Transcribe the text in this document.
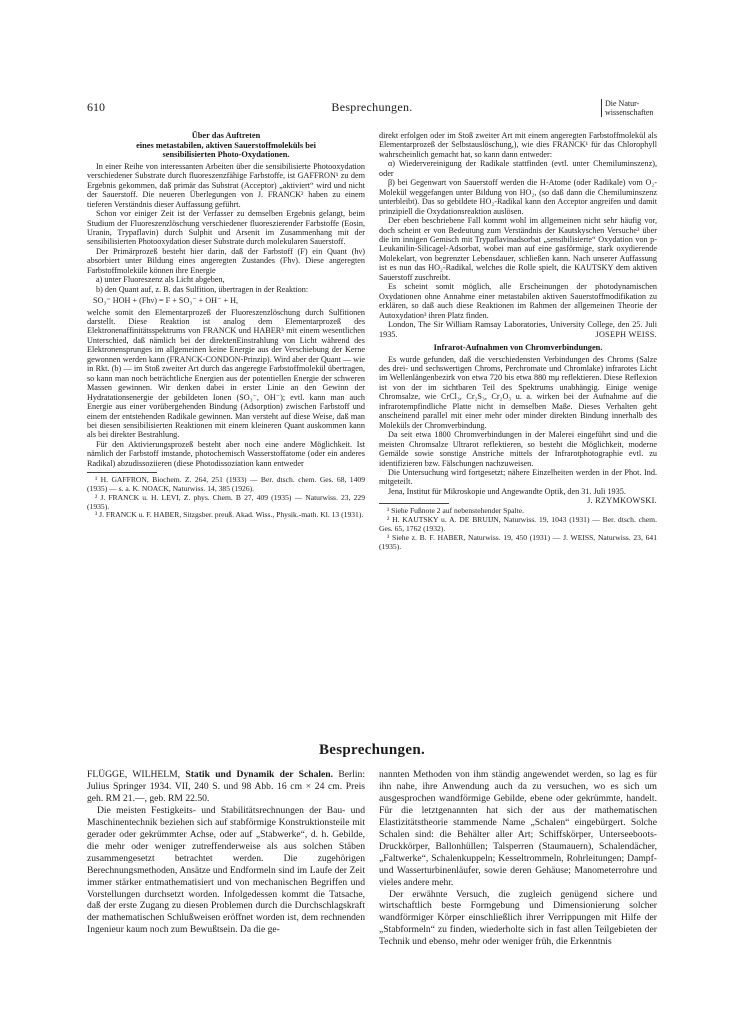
610	Besprechungen.	Die Natur-
wissenschaften

Über das Auftreten

eines metastabilen, aktiven Sauerstoffmoleküls bei

sensibilisierten Photo-Oxydationen.

In einer Reihe von interessanten Arbeiten über die sensibilisierte Photooxydation verschiedener Substrate durch fluoreszenzfähige Farbstoffe, ist GAFFRON¹ zu dem Ergebnis gekommen, daß primär das Substrat (Acceptor) „aktiviert“ wird und nicht der Sauerstoff. Die neueren Überlegungen von J. FRANCK² haben zu einem tieferen Verständnis dieser Auffassung geführt.

Schon vor einiger Zeit ist der Verfasser zu demselben Ergebnis gelangt, beim Studium der Fluoreszenzlöschung verschiedener fluoreszierender Farbstoffe (Eosin, Uranin, Trypaflavin) durch Sulphit und Arsenit im Zusammenhang mit der sensibilisierten Photooxydation dieser Substrate durch molekularen Sauerstoff.

Der Primärprozeß besteht hier darin, daß der Farbstoff (F) ein Quant (hν) absorbiert unter Bildung eines angeregten Zustandes (Fhν). Diese angeregten Farbstoffmoleküle können ihre Energie

a) unter Fluoreszenz als Licht abgeben,

b) den Quant auf, z. B. das Sulfition, übertragen in der Reaktion:

SO₃⁼ HOH + (Fhν) = F + SO₃⁻ + OH⁻ + H,

welche somit den Elementarprozeß der Fluoreszenzlöschung durch Sulfitionen darstellt. Diese Reaktion ist analog dem Elementarprozeß des Elektronenaffinitätsspektrums von FRANCK und HABER³ mit einem wesentlichen Unterschied, daß nämlich bei der direktenEinstrahlung von Licht während des Elektronensprunges im allgemeinen keine Energie aus der Verschiebung der Kerne gewonnen werden kann (FRANCK-CONDON-Prinzip). Wird aber der Quant — wie in Rkt. (b) — im Stoß zweiter Art durch das angeregte Farbstoffmolekül übertragen, so kann man noch beträchtliche Energien aus der potentiellen Energie der schweren Massen gewinnen. Wir denken dabei in erster Linie an den Gewinn der Hydratationsenergie der gebildeten Ionen (SO₃⁻, OH⁻); evtl. kann man auch Energie aus einer vorübergehenden Bindung (Adsorption) zwischen Farbstoff und einem der entstehenden Radikale gewinnen. Man versteht auf diese Weise, daß man bei diesen sensibilisierten Reaktionen mit einem kleineren Quant auskommen kann als bei direkter Bestrahlung.

Für den Aktivierungsprozeß besteht aber noch eine andere Möglichkeit. Ist nämlich der Farbstoff imstande, photochemisch Wasserstoffatome (oder ein anderes Radikal) abzudissoziieren (diese Photodissoziation kann entweder

¹ H. GAFFRON, Biochem. Z. 264, 251 (1933) — Ber. dtsch. chem. Ges. 68, 1409 (1935) — s. a. K. NOACK, Naturwiss. 14, 385 (1926).

² J. FRANCK u. H. LEVI, Z. phys. Chem. B 27, 409 (1935) — Naturwiss. 23, 229 (1935).

³ J. FRANCK u. F. HABER, Sitzgsber. preuß. Akad. Wiss., Physik.-math. Kl. 13 (1931).

direkt erfolgen oder im Stoß zweiter Art mit einem angeregten Farbstoffmolekül als Elementarprozeß der Selbstauslöschung,), wie dies FRANCK¹ für das Chlorophyll wahrscheinlich gemacht hat, so kann dann entweder:

α) Wiedervereinigung der Radikale stattfinden (evtl. unter Chemiluminszenz), oder

β) bei Gegenwart von Sauerstoff werden die H-Atome (oder Radikale) vom O₂-Molekül weggefangen unter Bildung von HO₂, (so daß dann die Chemiluminszenz unterbleibt). Das so gebildete HO₂-Radikal kann den Acceptor angreifen und damit prinzipiell die Oxydationsreaktion auslösen.

Der eben beschriebene Fall kommt wohl im allgemeinen nicht sehr häufig vor, doch scheint er von Bedeutung zum Verständnis der Kautskyschen Versuche² über die im innigen Gemisch mit Trypaflavinadsorbat „sensibilisierte“ Oxydation von p-Leukanilin-Silicagel-Adsorbat, wobei man auf eine gasförmige, stark oxydierende Molekelart, von begrenzter Lebensdauer, schließen kann. Nach unserer Auffassung ist es nun das HO₂-Radikal, welches die Rolle spielt, die KAUTSKY dem aktiven Sauerstoff zuschreibt.

Es scheint somit möglich, alle Erscheinungen der photodynamischen Oxydationen ohne Annahme einer metastabilen aktiven Sauerstoffmodifikation zu erklären, so daß auch diese Reaktionen im Rahmen der allgemeinen Theorie der Autoxydation³ ihren Platz finden.

London, The Sir William Ramsay Laboratories, University College, den 25. Juli 1935.	JOSEPH WEISS.

Infrarot-Aufnahmen von Chromverbindungen.

Es wurde gefunden, daß die verschiedensten Verbindungen des Chroms (Salze des drei- und sechswertigen Chroms, Perchromate und Chromlake) infrarotes Licht im Wellenlängenbezirk von etwa 720 bis etwa 880 mμ reflektieren. Diese Reflexion ist von der im sichtbaren Teil des Spektrums unabhängig. Einige wenige Chromsalze, wie CrCl₃, Cr₂S₃, Cr₂O₃ u. a. wirken bei der Aufnahme auf die infrarotempfindliche Platte nicht in demselben Maße. Dieses Verhalten geht anscheinend parallel mit einer mehr oder minder direkten Bindung innerhalb des Moleküls der Chromverbindung.

Da seit etwa 1800 Chromverbindungen in der Malerei eingeführt sind und die meisten Chromsalze Ultrarot reflektieren, so besteht die Möglichkeit, moderne Gemälde sowie sonstige Anstriche mittels der Infrarotphotographie evtl. zu identifizieren bzw. Fälschungen nachzuweisen.

Die Untersuchung wird fortgesetzt; nähere Einzelheiten werden in der Phot. Ind. mitgeteilt.

Jena, Institut für Mikroskopie und Angewandte Optik, den 31. Juli 1935.
J. RZYMKOWSKI.

¹ Siehe Fußnote 2 auf nebenstehender Spalte.

² H. KAUTSKY u. A. DE BRUIJN, Naturwiss. 19, 1043 (1931) — Ber. dtsch. chem. Ges. 65, 1762 (1932).

³ Siehe z. B. F. HABER, Naturwiss. 19, 450 (1931) — J. WEISS, Naturwiss. 23, 641 (1935).

Besprechungen.

FLÜGGE, WILHELM, Statik und Dynamik der Schalen. Berlin: Julius Springer 1934. VII, 240 S. und 98 Abb. 16 cm × 24 cm. Preis geh. RM 21.—, geb. RM 22.50.

Die meisten Festigkeits- und Stabilitätsrechnungen der Bau- und Maschinentechnik beziehen sich auf stabförmige Konstruktionsteile mit gerader oder gekrümmter Achse, oder auf „Stabwerke“, d. h. Gebilde, die mehr oder weniger zutreffenderweise als aus solchen Stäben zusammengesetzt betrachtet werden. Die zugehörigen Berechnungsmethoden, Ansätze und Endformeln sind im Laufe der Zeit immer stärker entmathematisiert und von mechanischen Begriffen und Vorstellungen durchsetzt worden. Infolgedessen kommt die Tatsache, daß der erste Zugang zu diesen Problemen durch die Durchschlagskraft der mathematischen Schlußweisen eröffnet worden ist, dem rechnenden Ingenieur kaum noch zum Bewußtsein. Da die ge-

nannten Methoden von ihm ständig angewendet werden, so lag es für ihn nahe, ihre Anwendung auch da zu versuchen, wo es sich um ausgesprochen wandförmige Gebilde, ebene oder gekrümmte, handelt. Für die letztgenannten hat sich der aus der mathematischen Elastizitätstheorie stammende Name „Schalen“ eingebürgert. Solche Schalen sind: die Behälter aller Art; Schiffskörper, Unterseeboots-Druckkörper, Ballonhüllen; Talsperren (Staumauern), Schalendächer, „Faltwerke“, Schalenkuppeln; Kesseltrommeln, Rohrleitungen; Dampf- und Wasserturbinenläufer, sowie deren Gehäuse; Manometerrohre und vieles andere mehr.

Der erwähnte Versuch, die zugleich genügend sichere und wirtschaftlich beste Formgebung und Dimensionierung solcher wandförmiger Körper einschließlich ihrer Verrippungen mit Hilfe der „Stabformeln“ zu finden, wiederholte sich in fast allen Teilgebieten der Technik und ebenso, mehr oder weniger früh, die Erkenntnis
